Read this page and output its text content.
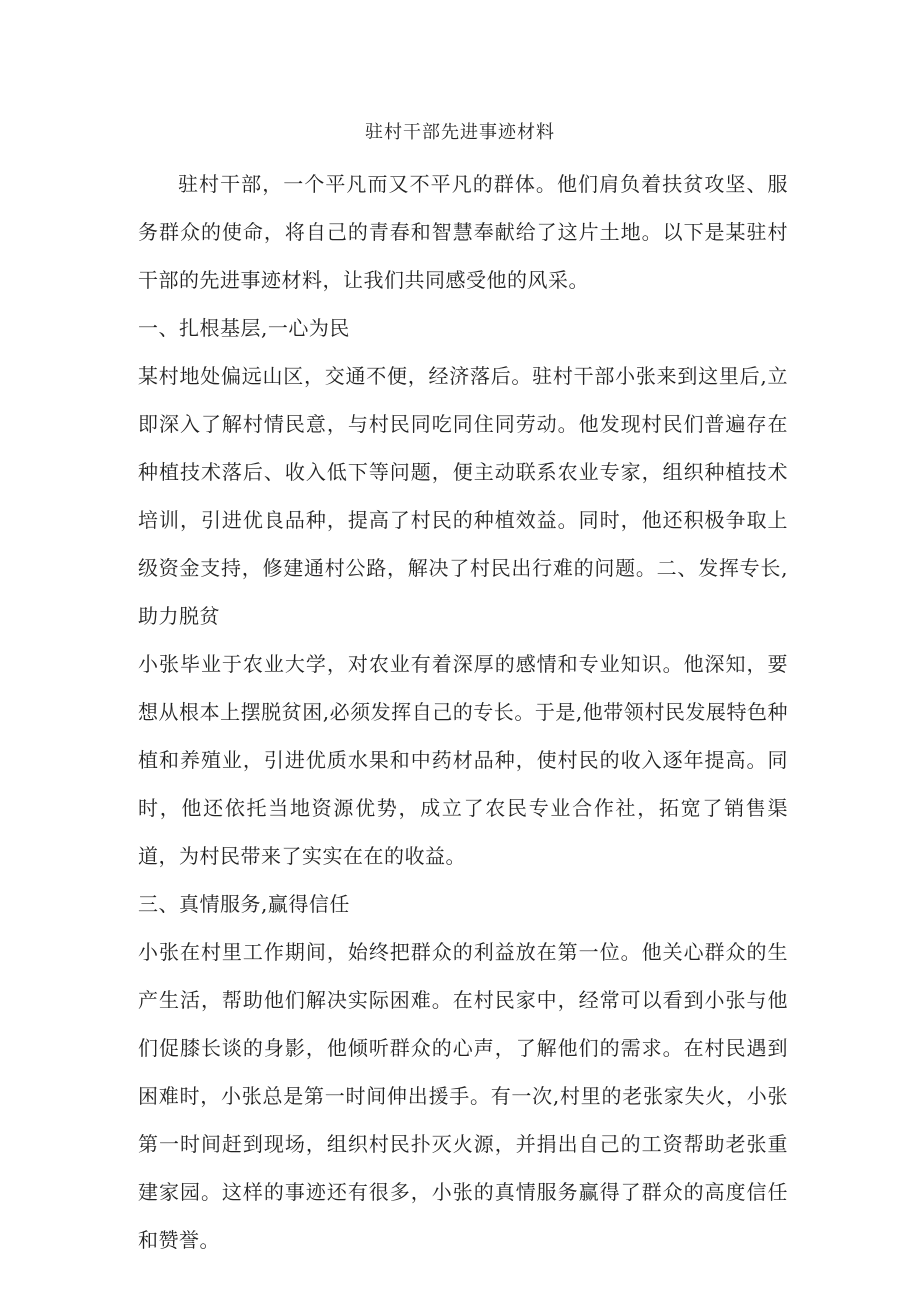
驻村干部先进事迹材料

驻村干部，一个平凡而又不平凡的群体。他们肩负着扶贫攻坚、服务群众的使命，将自己的青春和智慧奉献给了这片土地。以下是某驻村干部的先进事迹材料，让我们共同感受他的风采。

一、扎根基层,一心为民

某村地处偏远山区，交通不便，经济落后。驻村干部小张来到这里后,立即深入了解村情民意，与村民同吃同住同劳动。他发现村民们普遍存在种植技术落后、收入低下等问题，便主动联系农业专家，组织种植技术培训，引进优良品种，提高了村民的种植效益。同时，他还积极争取上级资金支持，修建通村公路，解决了村民出行难的问题。二、发挥专长,助力脱贫

小张毕业于农业大学，对农业有着深厚的感情和专业知识。他深知，要想从根本上摆脱贫困,必须发挥自己的专长。于是,他带领村民发展特色种植和养殖业，引进优质水果和中药材品种，使村民的收入逐年提高。同时，他还依托当地资源优势，成立了农民专业合作社，拓宽了销售渠道，为村民带来了实实在在的收益。

三、真情服务,赢得信任

小张在村里工作期间，始终把群众的利益放在第一位。他关心群众的生产生活，帮助他们解决实际困难。在村民家中，经常可以看到小张与他们促膝长谈的身影，他倾听群众的心声，了解他们的需求。在村民遇到困难时，小张总是第一时间伸出援手。有一次,村里的老张家失火，小张第一时间赶到现场，组织村民扑灭火源，并捐出自己的工资帮助老张重建家园。这样的事迹还有很多，小张的真情服务赢得了群众的高度信任和赞誉。
